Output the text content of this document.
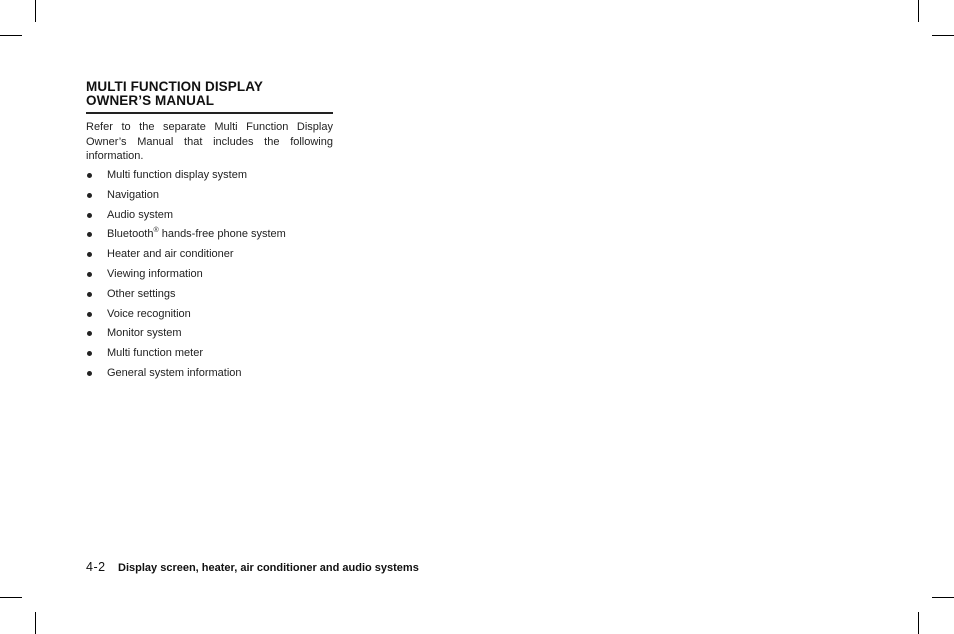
MULTI FUNCTION DISPLAY
OWNER’S MANUAL
Refer to the separate Multi Function Display Owner’s Manual that includes the following information.
Multi function display system
Navigation
Audio system
Bluetooth® hands-free phone system
Heater and air conditioner
Viewing information
Other settings
Voice recognition
Monitor system
Multi function meter
General system information
4-2 Display screen, heater, air conditioner and audio systems
